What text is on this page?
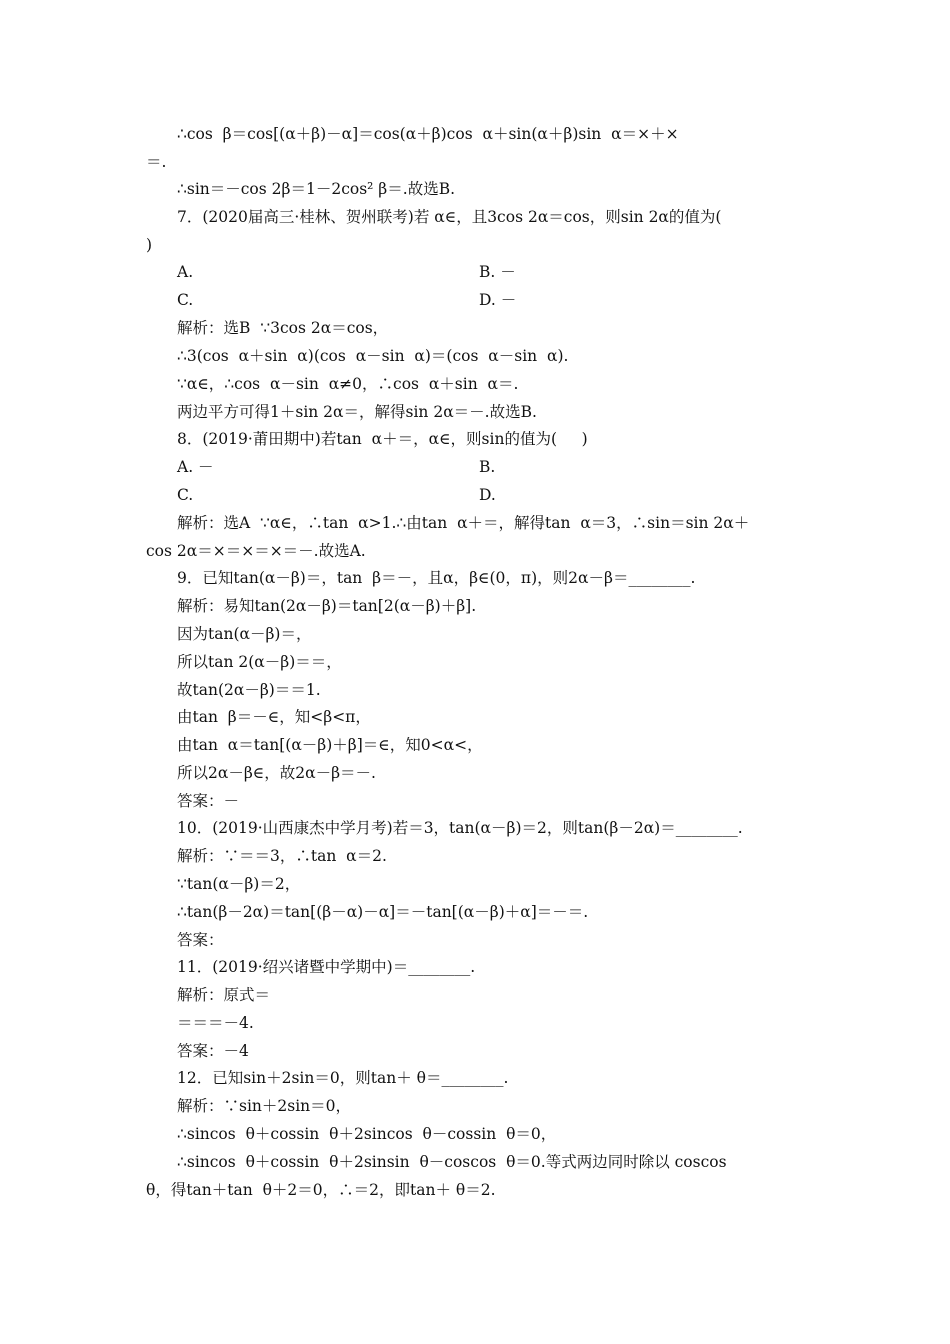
∴cos  β＝cos[(α＋β)－α]＝cos(α＋β)cos  α＋sin(α＋β)sin  α＝×＋×
＝.
∴sin＝－cos 2β＝1－2cos² β＝.故选B.
7．(2020届高三·桂林、贺州联考)若 α∈，且3cos 2α＝cos，则sin 2α的值为(
)
A.	B. －
C.	D. －
解析：选B  ∵3cos 2α＝cos，
∴3(cos  α＋sin  α)(cos  α－sin  α)＝(cos  α－sin  α).
∵α∈，∴cos  α－sin  α≠0，∴cos  α＋sin  α＝.
两边平方可得1＋sin 2α＝，解得sin 2α＝－.故选B.
8．(2019·莆田期中)若tan  α＋＝，α∈，则sin的值为(     )
A. －	B.
C.	D.
解析：选A  ∵α∈，∴tan  α>1.∴由tan  α＋＝，解得tan  α＝3，∴sin＝sin 2α＋
cos 2α＝×＝×＝×＝－.故选A.
9．已知tan(α－β)＝，tan  β＝－，且α，β∈(0，π)，则2α－β＝________.
解析：易知tan(2α－β)＝tan[2(α－β)＋β].
因为tan(α－β)＝，
所以tan 2(α－β)＝＝，
故tan(2α－β)＝＝1.
由tan  β＝－∈，知<β<π，
由tan  α＝tan[(α－β)＋β]＝∈，知0<α<，
所以2α－β∈，故2α－β＝－.
答案：－
10．(2019·山西康杰中学月考)若＝3，tan(α－β)＝2，则tan(β－2α)＝________.
解析：∵＝＝3，∴tan  α＝2.
∵tan(α－β)＝2，
∴tan(β－2α)＝tan[(β－α)－α]＝－tan[(α－β)＋α]＝－＝.
答案：
11．(2019·绍兴诸暨中学期中)＝________.
解析：原式＝
＝＝＝－4.
答案：－4
12．已知sin＋2sin＝0，则tan＋ θ＝________.
解析：∵sin＋2sin＝0，
∴sincos  θ＋cossin  θ＋2sincos  θ－cossin  θ＝0，
∴sincos  θ＋cossin  θ＋2sinsin  θ－coscos  θ＝0.等式两边同时除以 coscos
θ，得tan＋tan  θ＋2＝0，∴＝2，即tan＋ θ＝2.
